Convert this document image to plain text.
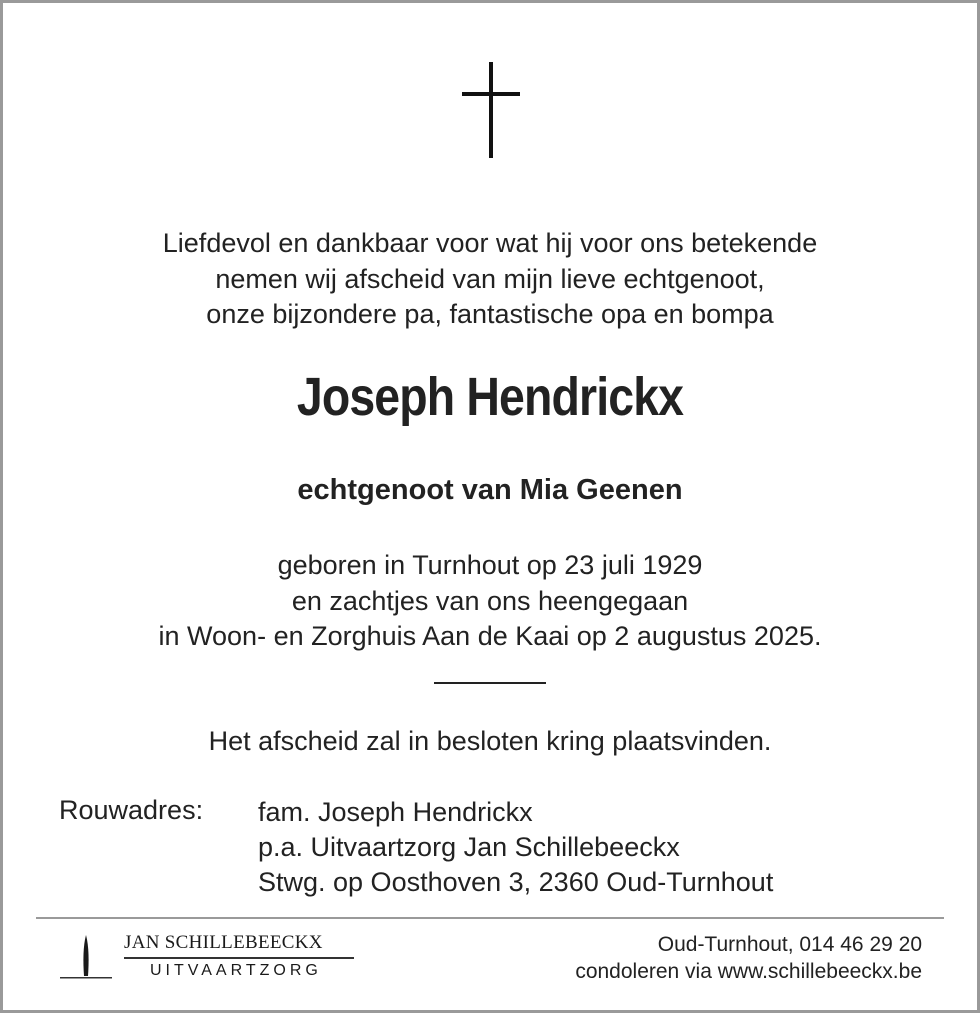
Liefdevol en dankbaar voor wat hij voor ons betekende
nemen wij afscheid van mijn lieve echtgenoot,
onze bijzondere pa, fantastische opa en bompa
Joseph Hendrickx
echtgenoot van Mia Geenen
geboren in Turnhout op 23 juli 1929
en zachtjes van ons heengegaan
in Woon- en Zorghuis Aan de Kaai op 2 augustus 2025.
Het afscheid zal in besloten kring plaatsvinden.
Rouwadres: fam. Joseph Hendrickx
p.a. Uitvaartzorg Jan Schillebeeckx
Stwg. op Oosthoven 3, 2360 Oud-Turnhout
JAN SCHILLEBEECKX
UITVAARTZORG
Oud-Turnhout, 014 46 29 20
condoleren via www.schillebeeckx.be
